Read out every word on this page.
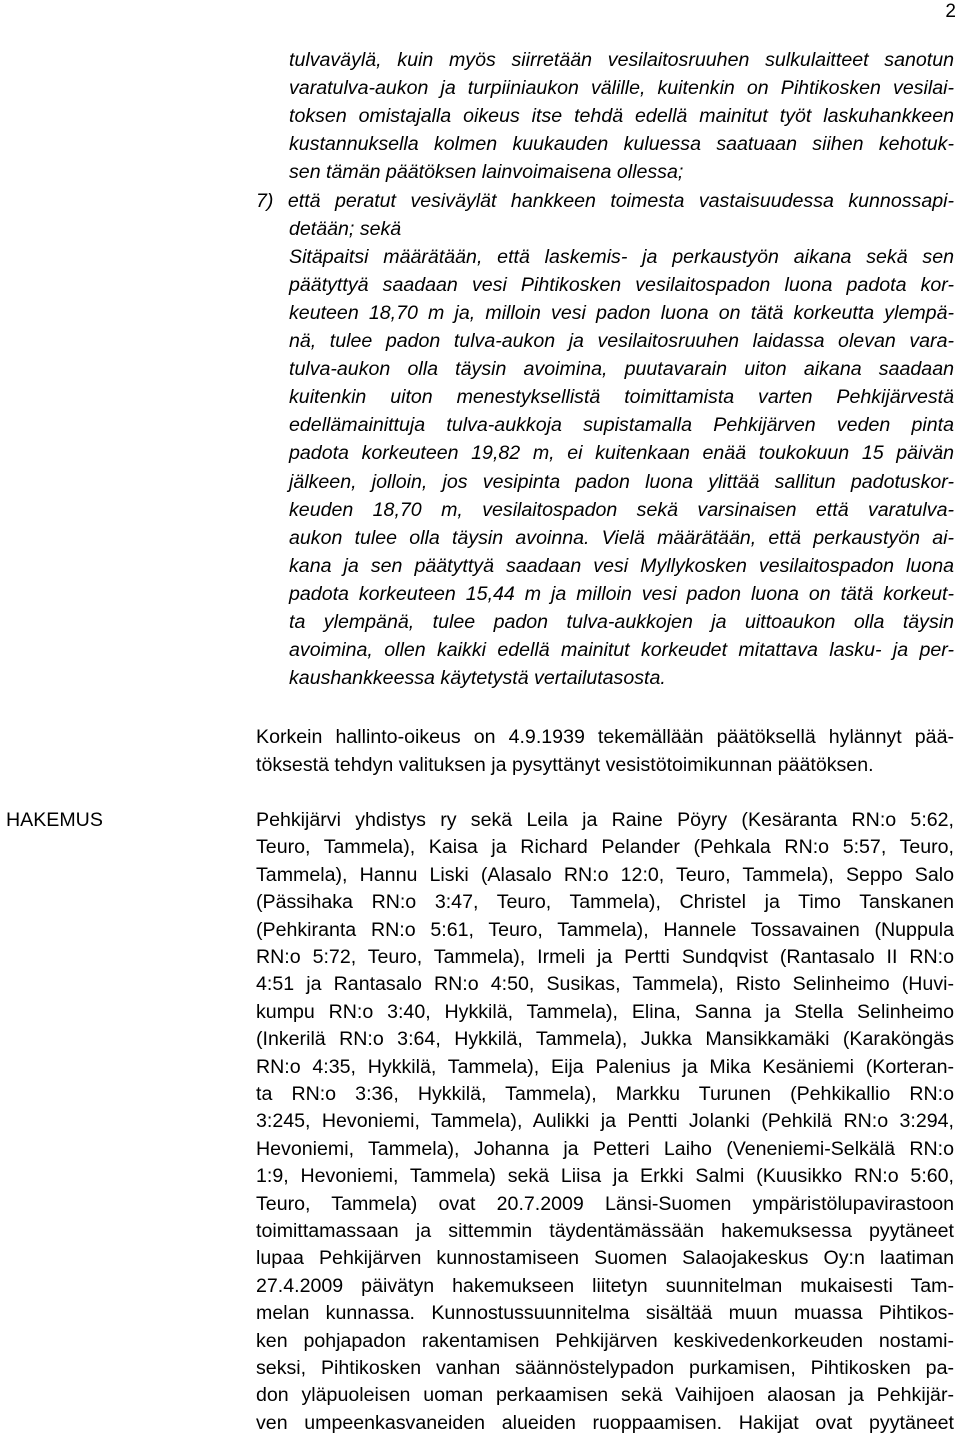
2
tulvaväylä, kuin myös siirretään vesilaitosruuhen sulkulaitteet sanotun
varatulva-aukon ja turpiiniaukon välille, kuitenkin on Pihtikosken vesilai-
toksen omistajalla oikeus itse tehdä edellä mainitut työt laskuhankkeen
kustannuksella kolmen kuukauden kuluessa saatuaan siihen kehotuk-
sen tämän päätöksen lainvoimaisena ollessa;
7) että peratut vesiväylät hankkeen toimesta vastaisuudessa kunnossapi-
detään; sekä
Sitäpaitsi määrätään, että laskemis- ja perkaustyön aikana sekä sen
päätyttyä saadaan vesi Pihtikosken vesilaitospadon luona padota kor-
keuteen 18,70 m ja, milloin vesi padon luona on tätä korkeutta ylempä-
nä, tulee padon tulva-aukon ja vesilaitosruuhen laidassa olevan vara-
tulva-aukon olla täysin avoimina, puutavarain uiton aikana saadaan
kuitenkin uiton menestyksellistä toimittamista varten Pehkijärvestä
edellämainittuja tulva-aukkoja supistamalla Pehkijärven veden pinta
padota korkeuteen 19,82 m, ei kuitenkaan enää toukokuun 15 päivän
jälkeen, jolloin, jos vesipinta padon luona ylittää sallitun padotuskor-
keuden 18,70 m, vesilaitospadon sekä varsinaisen että varatulva-
aukon tulee olla täysin avoinna. Vielä määrätään, että perkaustyön ai-
kana ja sen päätyttyä saadaan vesi Myllykosken vesilaitospadon luona
padota korkeuteen 15,44 m ja milloin vesi padon luona on tätä korkeut-
ta ylempänä, tulee padon tulva-aukkojen ja uittoaukon olla täysin
avoimina, ollen kaikki edellä mainitut korkeudet mitattava lasku- ja per-
kaushankkeessa käytetystä vertailutasosta.
Korkein hallinto-oikeus on 4.9.1939 tekemällään päätöksellä hylännyt pää-
töksestä tehdyn valituksen ja pysyttänyt vesistötoimikunnan päätöksen.
HAKEMUS	Pehkijärvi yhdistys ry sekä Leila ja Raine Pöyry (Kesäranta RN:o 5:62,
Teuro, Tammela), Kaisa ja Richard Pelander (Pehkala RN:o 5:57, Teuro,
Tammela), Hannu Liski (Alasalo RN:o 12:0, Teuro, Tammela), Seppo Salo
(Pässihaka RN:o 3:47, Teuro, Tammela), Christel ja Timo Tanskanen
(Pehkiranta RN:o 5:61, Teuro, Tammela), Hannele Tossavainen (Nuppula
RN:o 5:72, Teuro, Tammela), Irmeli ja Pertti Sundqvist (Rantasalo II RN:o
4:51 ja Rantasalo RN:o 4:50, Susikas, Tammela), Risto Selinheimo (Huvi-
kumpu RN:o 3:40, Hykkilä, Tammela), Elina, Sanna ja Stella Selinheimo
(Inkerilä RN:o 3:64, Hykkilä, Tammela), Jukka Mansikkamäki (Karaköngäs
RN:o 4:35, Hykkilä, Tammela), Eija Palenius ja Mika Kesäniemi (Korteran-
ta RN:o 3:36, Hykkilä, Tammela), Markku Turunen (Pehkikallio RN:o
3:245, Hevoniemi, Tammela), Aulikki ja Pentti Jolanki (Pehkilä RN:o 3:294,
Hevoniemi, Tammela), Johanna ja Petteri Laiho (Veneniemi-Selkälä RN:o
1:9, Hevoniemi, Tammela) sekä Liisa ja Erkki Salmi (Kuusikko RN:o 5:60,
Teuro, Tammela) ovat 20.7.2009 Länsi-Suomen ympäristölupavirastoon
toimittamassaan ja sittemmin täydentämässään hakemuksessa pyytäneet
lupaa Pehkijärven kunnostamiseen Suomen Salaojakeskus Oy:n laatiman
27.4.2009 päivätyn hakemukseen liitetyn suunnitelman mukaisesti Tam-
melan kunnassa. Kunnostussuunnitelma sisältää muun muassa Pihtikos-
ken pohjapadon rakentamisen Pehkijärven keskivedenkorkeuden nostami-
seksi, Pihtikosken vanhan säännöstelypadon purkamisen, Pihtikosken pa-
don yläpuoleisen uoman perkaamisen sekä Vaihijoen alaosan ja Pehkijär-
ven umpeenkasvaneiden alueiden ruoppaamisen. Hakijat ovat pyytäneet
